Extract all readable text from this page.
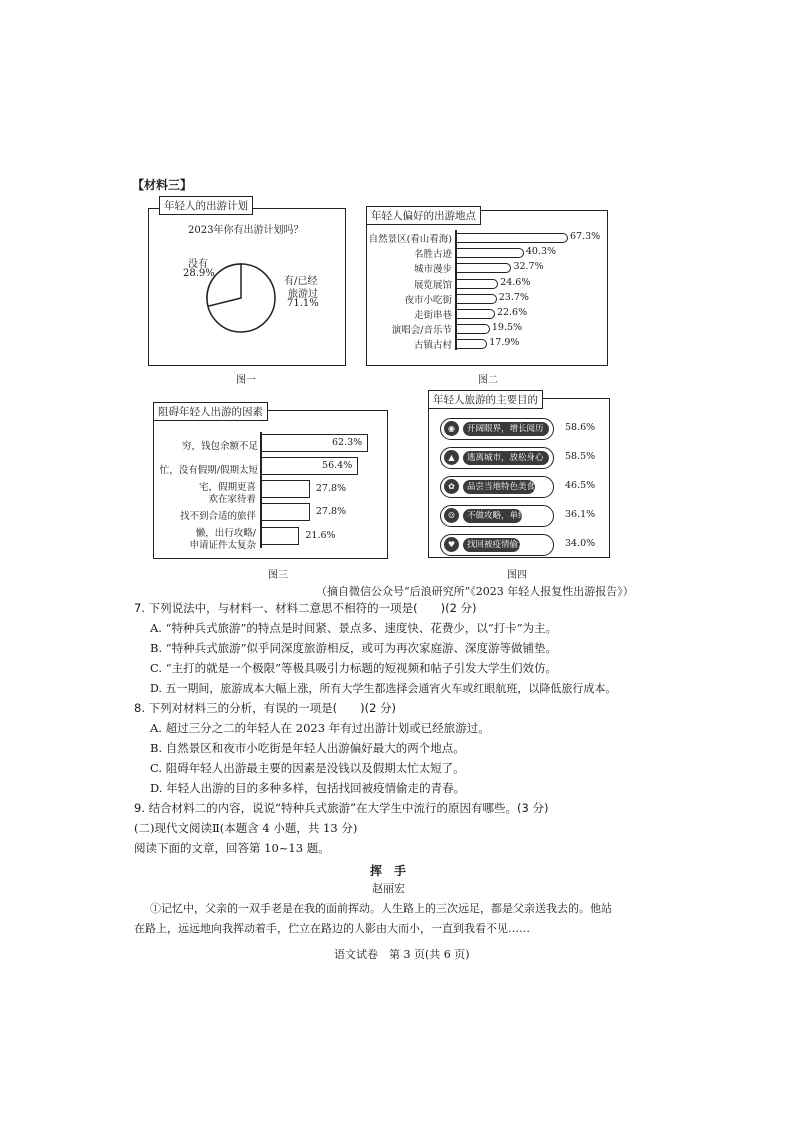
【材料三】
年轻人的出游计划
2023年你有出游计划吗？
没有
28.9%
有/已经
旅游过
71.1%
图一
年轻人偏好的出游地点
自然景区(看山看海)	67.3%
名胜古迹	40.3%
城市漫步	32.7%
展览展馆	24.6%
夜市小吃街	23.7%
走街串巷	22.6%
演唱会/音乐节	19.5%
古镇古村	17.9%
图二
阻碍年轻人出游的因素
穷，钱包余额不足
忙，没有假期/假期太短
宅，假期更喜
欢在家待着
找不到合适的旅伴
懒，出行攻略/
申请证件太复杂
62.3%
56.4%
27.8%
27.8%
21.6%
图三
年轻人旅游的主要目的
◉	开阔眼界，增长阅历	58.6%
▲	逃离城市，放松身心	58.5%
✿	品尝当地特色美食	46.5%
☺	不做攻略，单纯放空 36.1%
♥	找回被疫情偷走的青春 34.0%
图四
（摘自微信公众号“后浪研究所”《2023 年轻人报复性出游报告》）
7. 下列说法中，与材料一、材料二意思不相符的一项是(　　)(2 分)
A. “特种兵式旅游”的特点是时间紧、景点多、速度快、花费少，以“打卡”为主。
B. “特种兵式旅游”似乎同深度旅游相反，或可为再次家庭游、深度游等做铺垫。
C. “主打的就是一个极限”等极具吸引力标题的短视频和帖子引发大学生们效仿。
D. 五一期间，旅游成本大幅上涨，所有大学生都选择会通宵火车或红眼航班，以降低旅行成本。
8. 下列对材料三的分析，有误的一项是(　　)(2 分)
A. 超过三分之二的年轻人在 2023 年有过出游计划或已经旅游过。
B. 自然景区和夜市小吃街是年轻人出游偏好最大的两个地点。
C. 阻碍年轻人出游最主要的因素是没钱以及假期太忙太短了。
D. 年轻人出游的目的多种多样，包括找回被疫情偷走的青春。
9. 结合材料二的内容，说说“特种兵式旅游”在大学生中流行的原因有哪些。(3 分)
(二)现代文阅读Ⅱ(本题含 4 小题，共 13 分)
阅读下面的文章，回答第 10~13 题。
挥　手
赵丽宏
①记忆中，父亲的一双手老是在我的面前挥动。人生路上的三次远足，都是父亲送我去的。他站
在路上，远远地向我挥动着手，伫立在路边的人影由大而小，一直到我看不见……
语文试卷　第 3 页(共 6 页)
